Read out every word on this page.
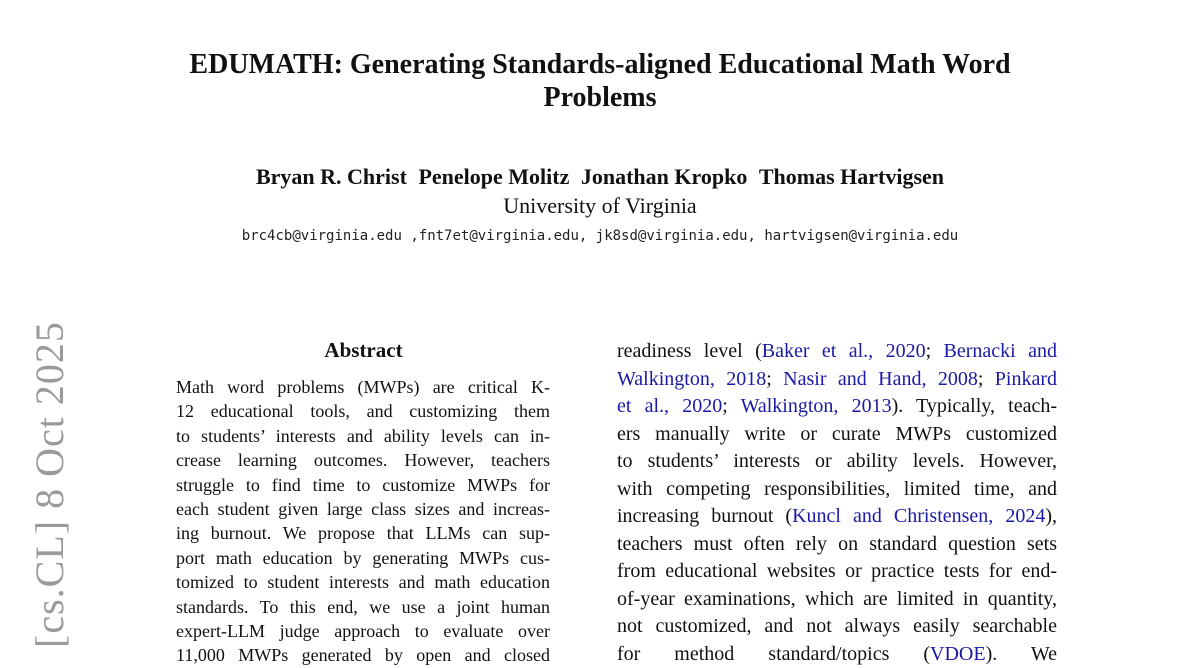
[cs.CL] 8 Oct 2025
EDUMATH: Generating Standards-aligned Educational Math Word Problems
Bryan R. Christ Penelope Molitz Jonathan Kropko Thomas Hartvigsen
University of Virginia
brc4cb@virginia.edu ,fnt7et@virginia.edu, jk8sd@virginia.edu, hartvigsen@virginia.edu
Abstract

Math word problems (MWPs) are critical K-
12 educational tools, and customizing them
to students’ interests and ability levels can in-
crease learning outcomes. However, teachers
struggle to find time to customize MWPs for
each student given large class sizes and increas-
ing burnout. We propose that LLMs can sup-
port math education by generating MWPs cus-
tomized to student interests and math education
standards. To this end, we use a joint human
expert-LLM judge approach to evaluate over
11,000 MWPs generated by open and closed

readiness level (Baker et al., 2020; Bernacki and
Walkington, 2018; Nasir and Hand, 2008; Pinkard
et al., 2020; Walkington, 2013). Typically, teach-
ers manually write or curate MWPs customized
to students’ interests or ability levels. However,
with competing responsibilities, limited time, and
increasing burnout (Kuncl and Christensen, 2024),
teachers must often rely on standard question sets
from educational websites or practice tests for end-
of-year examinations, which are limited in quantity,
not customized, and not always easily searchable
for method standard/topics (VDOE). We
